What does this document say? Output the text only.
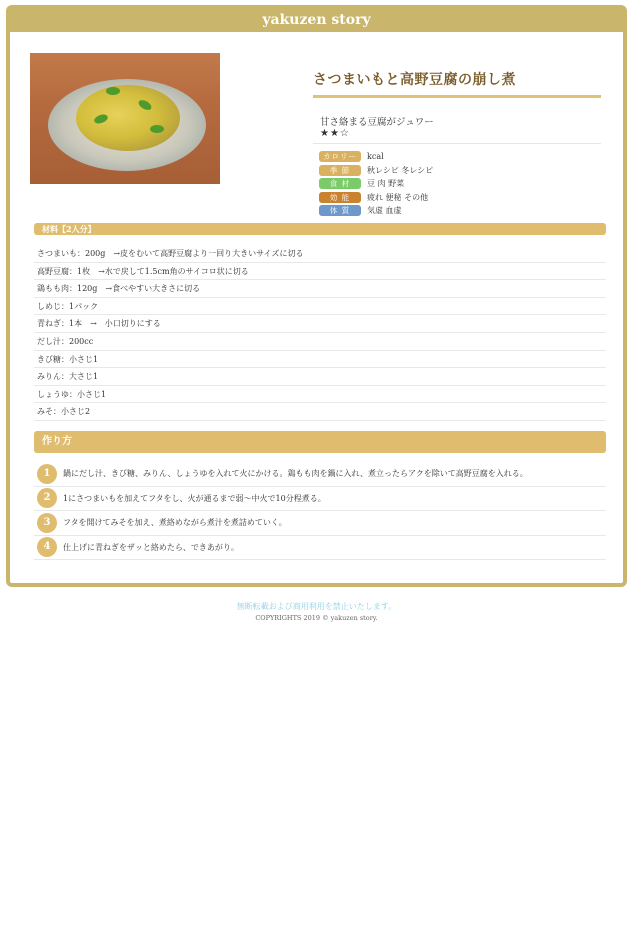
yakuzen story
さつまいもと高野豆腐の崩し煮
甘さ絡まる豆腐がジュワー
★★☆
カロリー	kcal
季 節	秋レシピ 冬レシピ
食 材	豆 肉 野菜
効 能	疲れ 便秘 その他
体 質	気虚 血虚
材料【2人分】
さつまいも：200g　→皮をむいて高野豆腐より一回り大きいサイズに切る
高野豆腐：1枚　→水で戻して1.5cm角のサイコロ状に切る
鶏もも肉：120g　→食べやすい大きさに切る
しめじ：1パック
青ねぎ：1本　→　小口切りにする
だし汁：200cc
きび糖：小さじ1
みりん：大さじ1
しょうゆ：小さじ1
みそ：小さじ2
作り方
1	鍋にだし汁、きび糖、みりん、しょうゆを入れて火にかける。鶏もも肉を鍋に入れ、煮立ったらアクを除いて高野豆腐を入れる。
2	1にさつまいもを加えてフタをし、火が通るまで弱～中火で10分程煮る。
3	フタを開けてみそを加え、煮絡めながら煮汁を煮詰めていく。
4	仕上げに青ねぎをザッと絡めたら、できあがり。
無断転載および商用利用を禁止いたします。
COPYRIGHTS 2019 © yakuzen story.
